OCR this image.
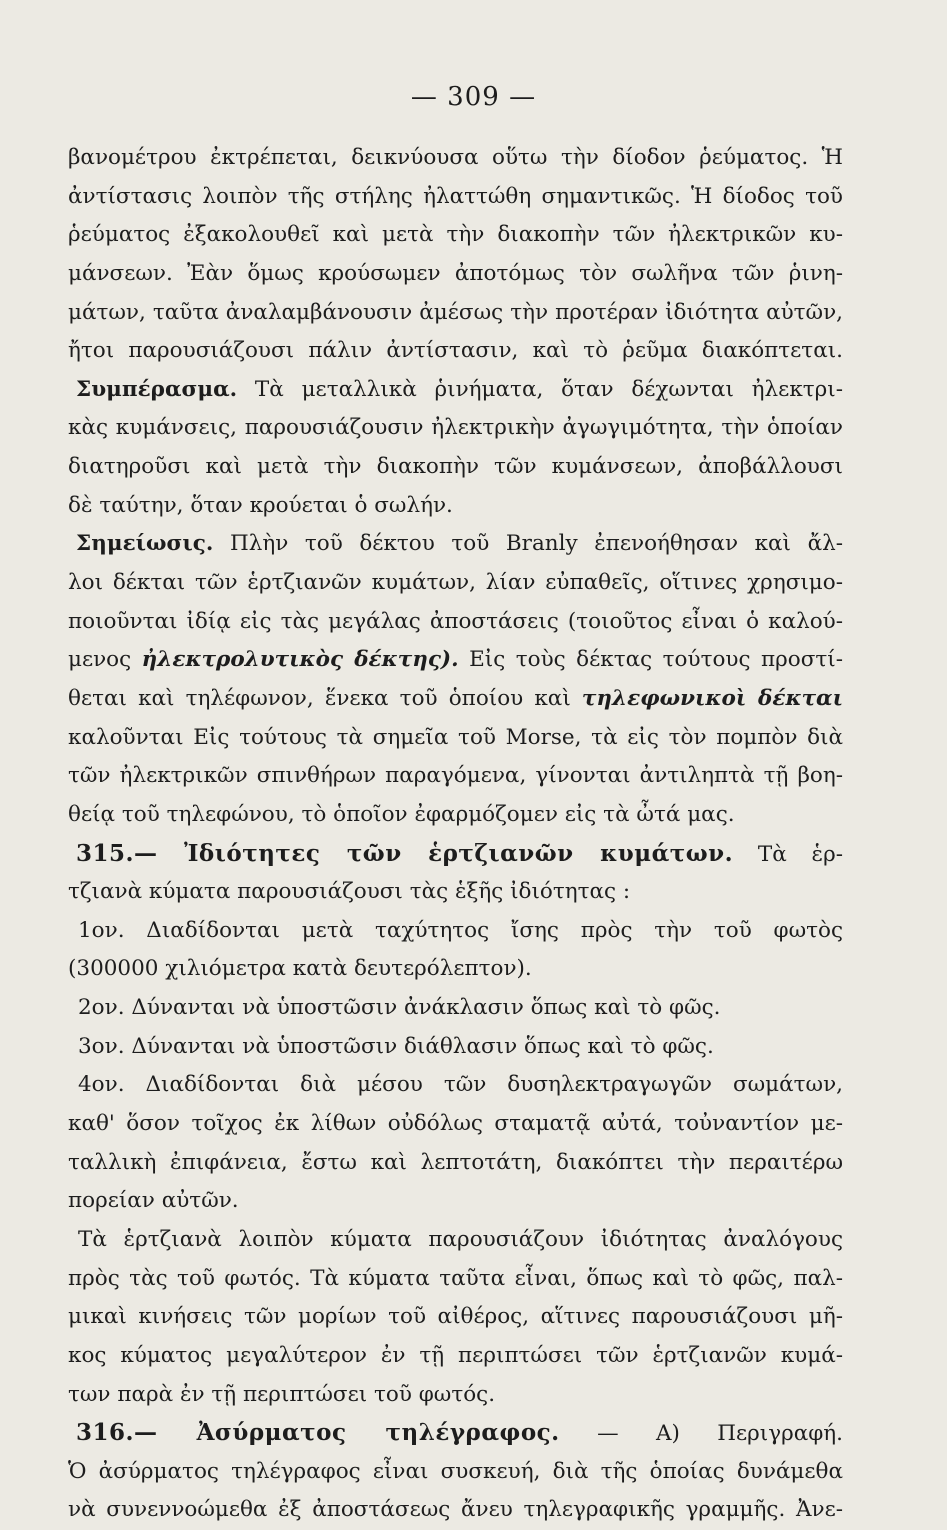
— 309 —
βανομέτρου ἐκτρέπεται, δεικνύουσα οὕτω τὴν δίοδον ῥεύματος. Ἡ
ἀντίστασις λοιπὸν τῆς στήλης ἠλαττώθη σημαντικῶς. Ἡ δίοδος τοῦ
ῥεύματος ἐξακολουθεῖ καὶ μετὰ τὴν διακοπὴν τῶν ἠλεκτρικῶν κυ-
μάνσεων. Ἐὰν ὅμως κρούσωμεν ἀποτόμως τὸν σωλῆνα τῶν ῥινη-
μάτων, ταῦτα ἀναλαμβάνουσιν ἀμέσως τὴν προτέραν ἰδιότητα αὐτῶν,
ἤτοι παρουσιάζουσι πάλιν ἀντίστασιν, καὶ τὸ ῥεῦμα διακόπτεται.
Συμπέρασμα. Τὰ μεταλλικὰ ῥινήματα, ὅταν δέχωνται ἠλεκτρι-
κὰς κυμάνσεις, παρουσιάζουσιν ἠλεκτρικὴν ἀγωγιμότητα, τὴν ὁποίαν
διατηροῦσι καὶ μετὰ τὴν διακοπὴν τῶν κυμάνσεων, ἀποβάλλουσι
δὲ ταύτην, ὅταν κρούεται ὁ σωλήν.
Σημείωσις. Πλὴν τοῦ δέκτου τοῦ Branly ἐπενοήθησαν καὶ ἄλ-
λοι δέκται τῶν ἑρτζιανῶν κυμάτων, λίαν εὐπαθεῖς, οἵτινες χρησιμο-
ποιοῦνται ἰδίᾳ εἰς τὰς μεγάλας ἀποστάσεις (τοιοῦτος εἶναι ὁ καλού-
μενος ἠλεκτρολυτικὸς δέκτης). Εἰς τοὺς δέκτας τούτους προστί-
θεται καὶ τηλέφωνον, ἕνεκα τοῦ ὁποίου καὶ τηλεφωνικοὶ δέκται
καλοῦνται Εἰς τούτους τὰ σημεῖα τοῦ Morse, τὰ εἰς τὸν πομπὸν διὰ
τῶν ἠλεκτρικῶν σπινθήρων παραγόμενα, γίνονται ἀντιληπτὰ τῇ βοη-
θείᾳ τοῦ τηλεφώνου, τὸ ὁποῖον ἐφαρμόζομεν εἰς τὰ ὦτά μας.
315.— Ἰδιότητες τῶν ἑρτζιανῶν κυμάτων. Τὰ ἑρ-
τζιανὰ κύματα παρουσιάζουσι τὰς ἑξῆς ἰδιότητας :
1ον. Διαδίδονται μετὰ ταχύτητος ἴσης πρὸς τὴν τοῦ φωτὸς
(300000 χιλιόμετρα κατὰ δευτερόλεπτον).
2ον. Δύνανται νὰ ὑποστῶσιν ἀνάκλασιν ὅπως καὶ τὸ φῶς.
3ον. Δύνανται νὰ ὑποστῶσιν διάθλασιν ὅπως καὶ τὸ φῶς.
4ον. Διαδίδονται διὰ μέσου τῶν δυσηλεκτραγωγῶν σωμάτων,
καθ' ὅσον τοῖχος ἐκ λίθων οὐδόλως σταματᾷ αὐτά, τοὐναντίον με-
ταλλικὴ ἐπιφάνεια, ἔστω καὶ λεπτοτάτη, διακόπτει τὴν περαιτέρω
πορείαν αὐτῶν.
Τὰ ἑρτζιανὰ λοιπὸν κύματα παρουσιάζουν ἰδιότητας ἀναλόγους
πρὸς τὰς τοῦ φωτός. Τὰ κύματα ταῦτα εἶναι, ὅπως καὶ τὸ φῶς, παλ-
μικαὶ κινήσεις τῶν μορίων τοῦ αἰθέρος, αἵτινες παρουσιάζουσι μῆ-
κος κύματος μεγαλύτερον ἐν τῇ περιπτώσει τῶν ἑρτζιανῶν κυμά-
των παρὰ ἐν τῇ περιπτώσει τοῦ φωτός.
316.— Ἀσύρματος τηλέγραφος. — Α) Περιγραφή.
Ὁ ἀσύρματος τηλέγραφος εἶναι συσκευή, διὰ τῆς ὁποίας δυνάμεθα
νὰ συνεννοώμεθα ἐξ ἀποστάσεως ἄνευ τηλεγραφικῆς γραμμῆς. Ἀνε-
